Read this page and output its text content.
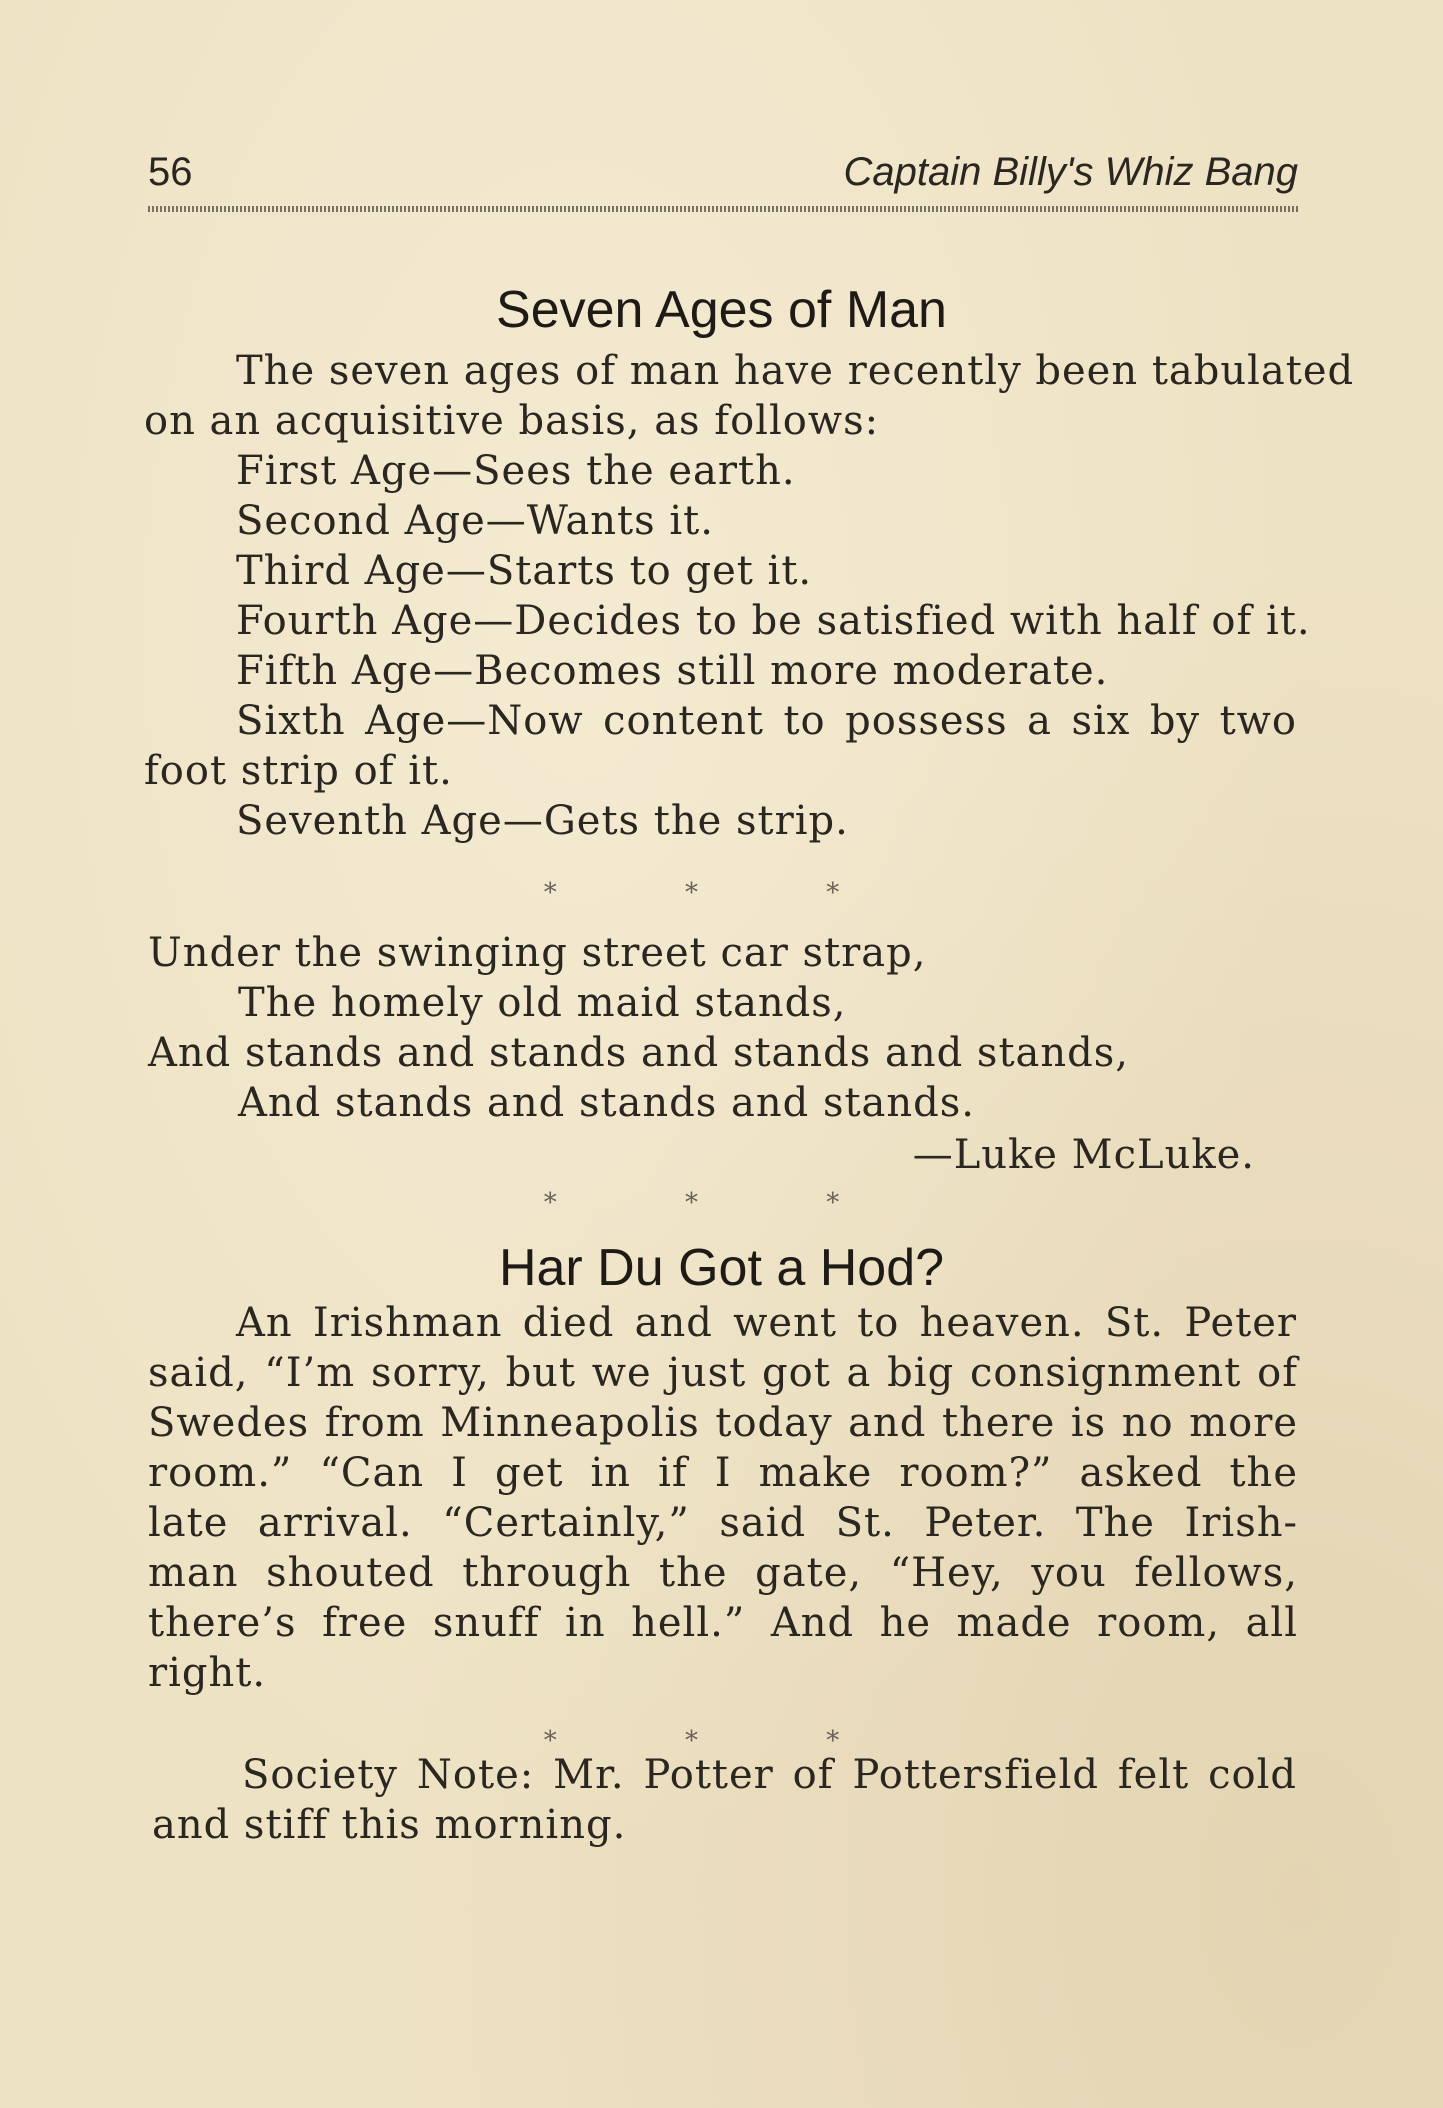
56	Captain Billy's Whiz Bang
Seven Ages of Man
The seven ages of man have recently been tabulated
on an acquisitive basis, as follows:
First Age—Sees the earth.
Second Age—Wants it.
Third Age—Starts to get it.
Fourth Age—Decides to be satisfied with half of it.
Fifth Age—Becomes still more moderate.
Sixth Age—Now content to possess a six by two
foot strip of it.
Seventh Age—Gets the strip.
* * *
Under the swinging street car strap,
The homely old maid stands,
And stands and stands and stands and stands,
And stands and stands and stands.
—Luke McLuke.
* * *
Har Du Got a Hod?
An Irishman died and went to heaven. St. Peter
said, “I’m sorry, but we just got a big consignment of
Swedes from Minneapolis today and there is no more
room.” “Can I get in if I make room?” asked the
late arrival. “Certainly,” said St. Peter. The Irish-
man shouted through the gate, “Hey, you fellows,
there’s free snuff in hell.” And he made room, all
right.
* * *
Society Note: Mr. Potter of Pottersfield felt cold
and stiff this morning.
